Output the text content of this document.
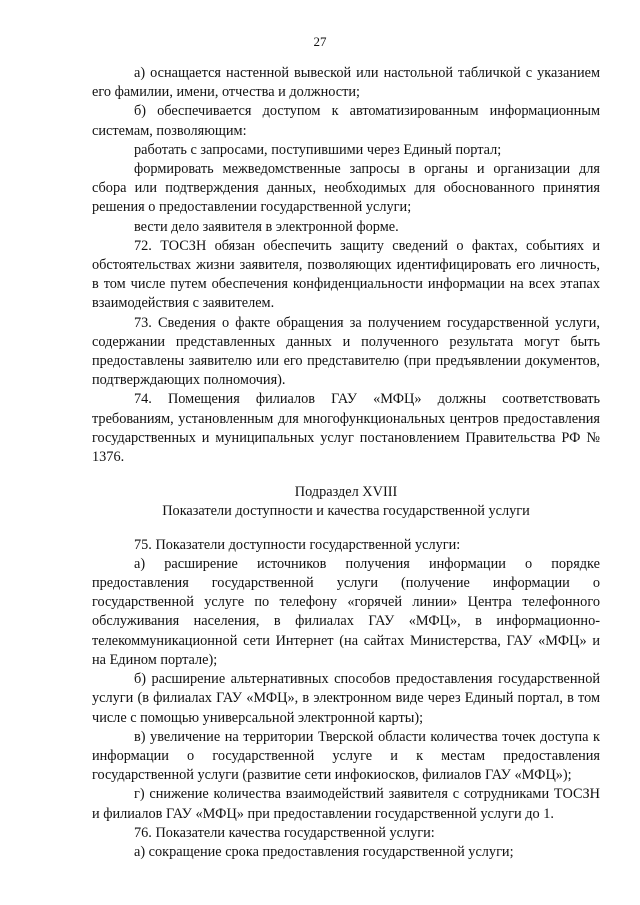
27

а) оснащается настенной вывеской или настольной табличкой с указанием его фамилии, имени, отчества и должности;

б) обеспечивается доступом к автоматизированным информационным системам, позволяющим:

работать с запросами, поступившими через Единый портал;

формировать межведомственные запросы в органы и организации для сбора или подтверждения данных, необходимых для обоснованного принятия решения о предоставлении государственной услуги;

вести дело заявителя в электронной форме.

72. ТОСЗН обязан обеспечить защиту сведений о фактах, событиях и обстоятельствах жизни заявителя, позволяющих идентифицировать его личность, в том числе путем обеспечения конфиденциальности информации на всех этапах взаимодействия с заявителем.

73. Сведения о факте обращения за получением государственной услуги, содержании представленных данных и полученного результата могут быть предоставлены заявителю или его представителю (при предъявлении документов, подтверждающих полномочия).

74. Помещения филиалов ГАУ «МФЦ» должны соответствовать требованиям, установленным для многофункциональных центров предоставления государственных и муниципальных услуг постановлением Правительства РФ № 1376.

Подраздел XVIII

Показатели доступности и качества государственной услуги

75. Показатели доступности государственной услуги:

а) расширение источников получения информации о порядке предоставления государственной услуги (получение информации о государственной услуге по телефону «горячей линии» Центра телефонного обслуживания населения, в филиалах ГАУ «МФЦ», в информационно-телекоммуникационной сети Интернет (на сайтах Министерства, ГАУ «МФЦ» и на Едином портале);

б) расширение альтернативных способов предоставления государственной услуги (в филиалах ГАУ «МФЦ», в электронном виде через Единый портал, в том числе с помощью универсальной электронной карты);

в) увеличение на территории Тверской области количества точек доступа к информации о государственной услуге и к местам предоставления государственной услуги (развитие сети инфокиосков, филиалов ГАУ «МФЦ»);

г) снижение количества взаимодействий заявителя с сотрудниками ТОСЗН и филиалов ГАУ «МФЦ» при предоставлении государственной услуги до 1.

76. Показатели качества государственной услуги:

а) сокращение срока предоставления государственной услуги;
